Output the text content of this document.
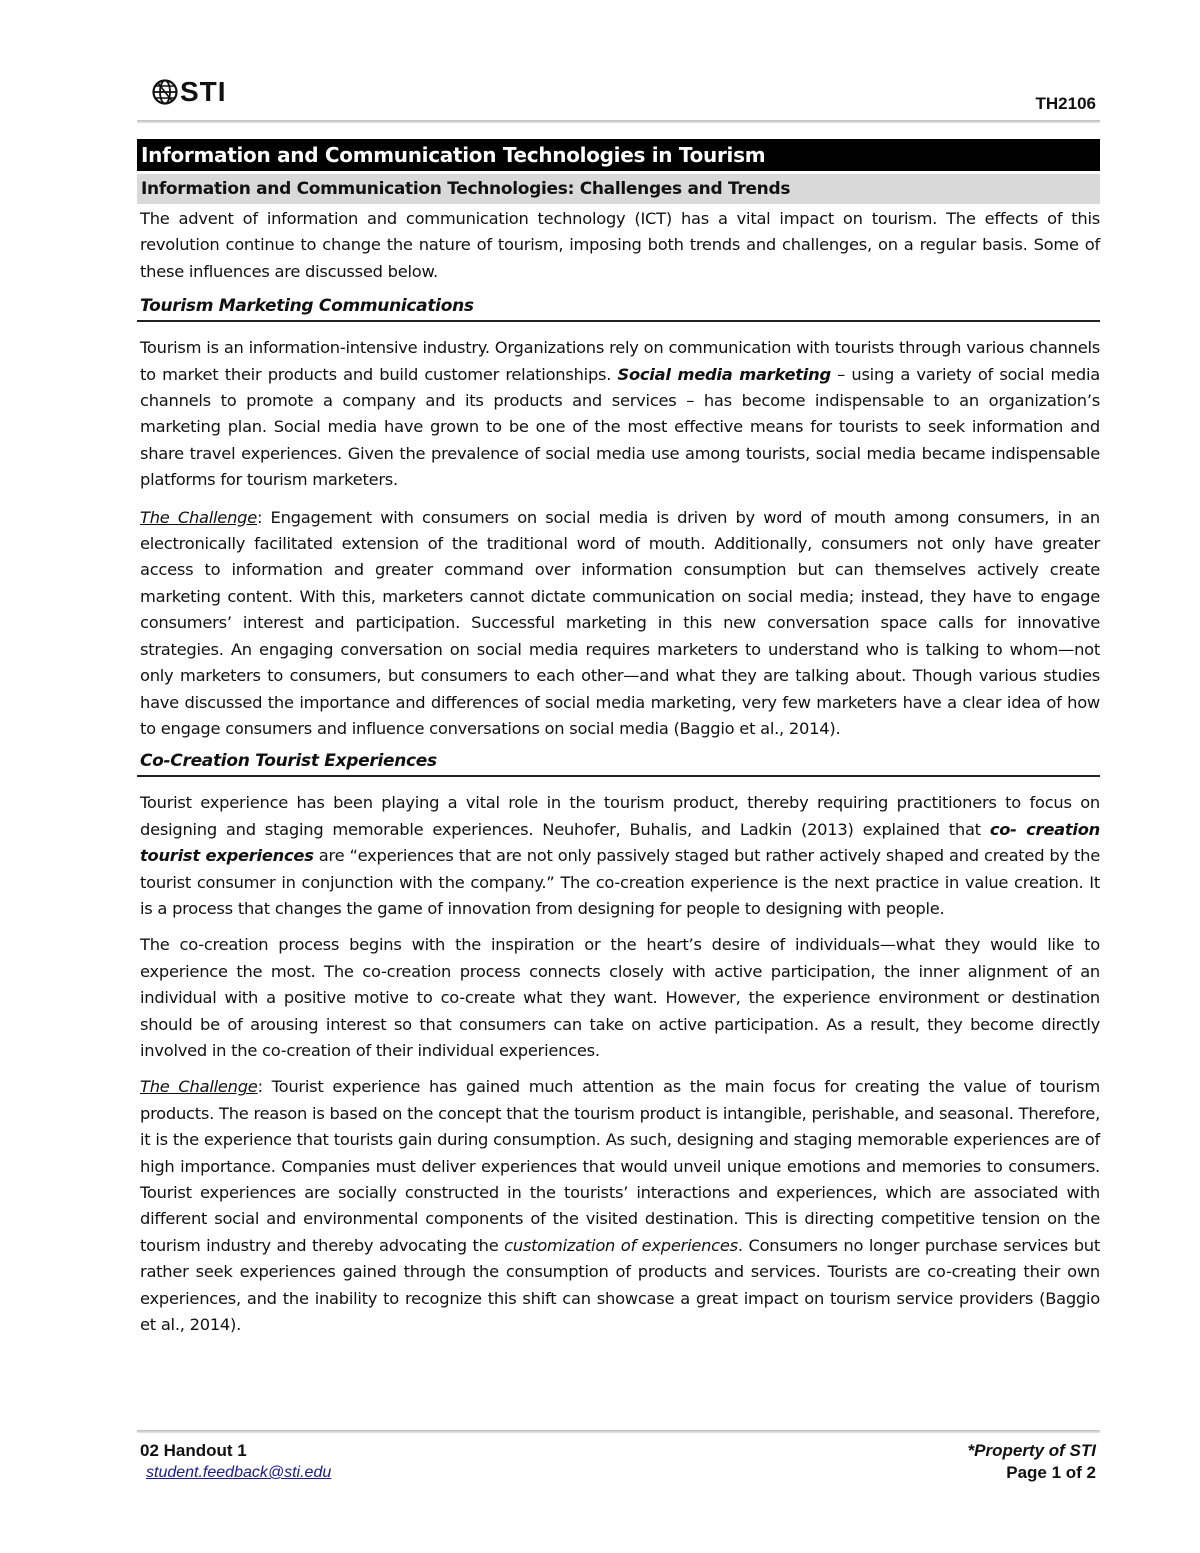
STI	TH2106
Information and Communication Technologies in Tourism
Information and Communication Technologies: Challenges and Trends

The advent of information and communication technology (ICT) has a vital impact on tourism. The effects of this revolution continue to change the nature of tourism, imposing both trends and challenges, on a regular basis. Some of these influences are discussed below.

Tourism Marketing Communications

Tourism is an information-intensive industry. Organizations rely on communication with tourists through various channels to market their products and build customer relationships. Social media marketing – using a variety of social media channels to promote a company and its products and services – has become indispensable to an organization’s marketing plan. Social media have grown to be one of the most effective means for tourists to seek information and share travel experiences. Given the prevalence of social media use among tourists, social media became indispensable platforms for tourism marketers.

The Challenge: Engagement with consumers on social media is driven by word of mouth among consumers, in an electronically facilitated extension of the traditional word of mouth. Additionally, consumers not only have greater access to information and greater command over information consumption but can themselves actively create marketing content. With this, marketers cannot dictate communication on social media; instead, they have to engage consumers’ interest and participation. Successful marketing in this new conversation space calls for innovative strategies. An engaging conversation on social media requires marketers to understand who is talking to whom—not only marketers to consumers, but consumers to each other—and what they are talking about. Though various studies have discussed the importance and differences of social media marketing, very few marketers have a clear idea of how to engage consumers and influence conversations on social media (Baggio et al., 2014).

Co-Creation Tourist Experiences

Tourist experience has been playing a vital role in the tourism product, thereby requiring practitioners to focus on designing and staging memorable experiences. Neuhofer, Buhalis, and Ladkin (2013) explained that co- creation tourist experiences are “experiences that are not only passively staged but rather actively shaped and created by the tourist consumer in conjunction with the company.” The co-creation experience is the next practice in value creation. It is a process that changes the game of innovation from designing for people to designing with people.

The co-creation process begins with the inspiration or the heart’s desire of individuals—what they would like to experience the most. The co-creation process connects closely with active participation, the inner alignment of an individual with a positive motive to co-create what they want. However, the experience environment or destination should be of arousing interest so that consumers can take on active participation. As a result, they become directly involved in the co-creation of their individual experiences.

The Challenge: Tourist experience has gained much attention as the main focus for creating the value of tourism products. The reason is based on the concept that the tourism product is intangible, perishable, and seasonal. Therefore, it is the experience that tourists gain during consumption. As such, designing and staging memorable experiences are of high importance. Companies must deliver experiences that would unveil unique emotions and memories to consumers. Tourist experiences are socially constructed in the tourists’ interactions and experiences, which are associated with different social and environmental components of the visited destination. This is directing competitive tension on the tourism industry and thereby advocating the customization of experiences. Consumers no longer purchase services but rather seek experiences gained through the consumption of products and services. Tourists are co-creating their own experiences, and the inability to recognize this shift can showcase a great impact on tourism service providers (Baggio et al., 2014).

02 Handout 1
student.feedback@sti.edu
*Property of STI
Page 1 of 2
